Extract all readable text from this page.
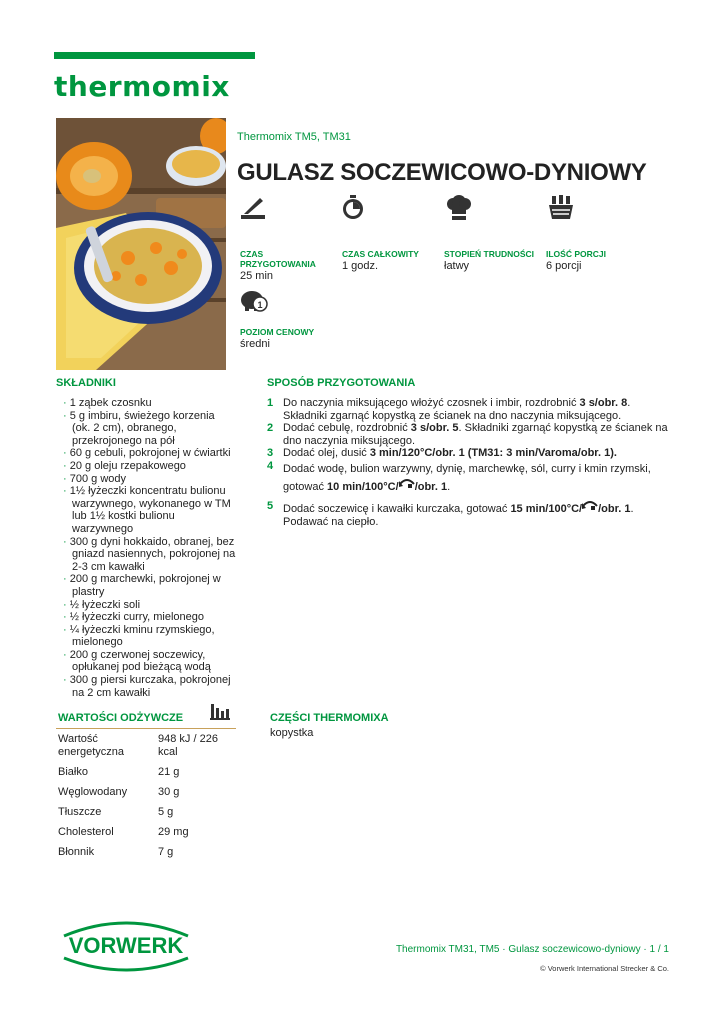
thermomix
Thermomix TM5, TM31
GULASZ SOCZEWICOWO-DYNIOWY
CZAS PRZYGOTOWANIA
25 min
CZAS CAŁKOWITY
1 godz.
STOPIEŃ TRUDNOŚCI
łatwy
ILOŚĆ PORCJI
6 porcji
1
POZIOM CENOWY
średni
SKŁADNIKI
· 1 ząbek czosnku
· 5 g imbiru, świeżego korzenia (ok. 2 cm), obranego, przekrojonego na pół
· 60 g cebuli, pokrojonej w ćwiartki
· 20 g oleju rzepakowego
· 700 g wody
· 1½ łyżeczki koncentratu bulionu warzywnego, wykonanego w TM lub 1½ kostki bulionu warzywnego
· 300 g dyni hokkaido, obranej, bez gniazd nasiennych, pokrojonej na 2-3 cm kawałki
· 200 g marchewki, pokrojonej w plastry
· ½ łyżeczki soli
· ½ łyżeczki curry, mielonego
· ¼ łyżeczki kminu rzymskiego, mielonego
· 200 g czerwonej soczewicy, opłukanej pod bieżącą wodą
· 300 g piersi kurczaka, pokrojonej na 2 cm kawałki
SPOSÓB PRZYGOTOWANIA
1 Do naczynia miksującego włożyć czosnek i imbir, rozdrobnić 3 s/obr. 8. Składniki zgarnąć kopystką ze ścianek na dno naczynia miksującego.
2 Dodać cebulę, rozdrobnić 3 s/obr. 5. Składniki zgarnąć kopystką ze ścianek na dno naczynia miksującego.
3 Dodać olej, dusić 3 min/120°C/obr. 1 (TM31: 3 min/Varoma/obr. 1).
4 Dodać wodę, bulion warzywny, dynię, marchewkę, sól, curry i kmin rzymski, gotować 10 min/100°C/ /obr. 1.
5 Dodać soczewicę i kawałki kurczaka, gotować 15 min/100°C/ /obr. 1. Podawać na ciepło.
WARTOŚCI ODŻYWCZE
Wartość energetyczna	948 kJ / 226 kcal
Białko	21 g
Węglowodany	30 g
Tłuszcze	5 g
Cholesterol	29 mg
Błonnik	7 g
CZĘŚCI THERMOMIXA
kopystka
VORWERK	Thermomix TM31, TM5 · Gulasz soczewicowo-dyniowy · 1 / 1
© Vorwerk International Strecker & Co.
